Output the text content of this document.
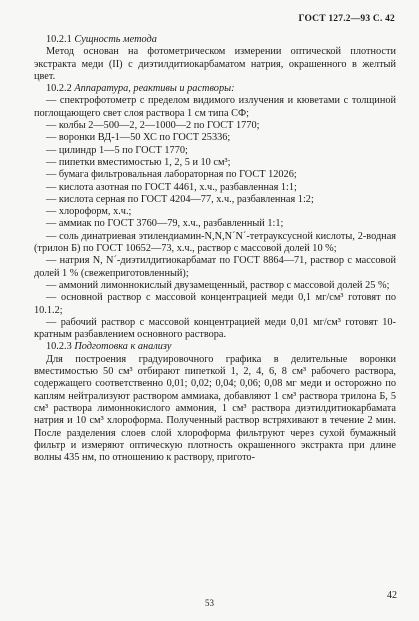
ГОСТ 127.2—93 С. 42

10.2.1 Сущность метода

Метод основан на фотометрическом измерении оптической плотности экстракта меди (II) с диэтилдитиокарбаматом натрия, окрашенного в желтый цвет.

10.2.2 Аппаратура, реактивы и растворы:

— спектрофотометр с пределом видимого излучения и кюветами с толщиной поглощающего свет слоя раствора 1 см типа СФ;

— колбы 2—500—2, 2—1000—2 по ГОСТ 1770;

— воронки ВД-1—50 ХС по ГОСТ 25336;

— цилиндр 1—5 по ГОСТ 1770;

— пипетки вместимостью 1, 2, 5 и 10 см³;

— бумага фильтровальная лабораторная по ГОСТ 12026;

— кислота азотная по ГОСТ 4461, х.ч., разбавленная 1:1;

— кислота серная по ГОСТ 4204—77, х.ч., разбавленная 1:2;

— хлороформ, х.ч.;

— аммиак по ГОСТ 3760—79, х.ч., разбавленный 1:1;

— соль динатриевая этилендиамин-N,N,N´N´-тетрауксусной кислоты, 2-водная (трилон Б) по ГОСТ 10652—73, х.ч., раствор с массовой долей 10 %;

— натрия N, N´-диэтилдитиокарбамат по ГОСТ 8864—71, раствор с массовой долей 1 % (свежеприготовленный);

— аммоний лимоннокислый двузамещенный, раствор с массовой долей 25 %;

— основной раствор с массовой концентрацией меди 0,1 мг/см³ готовят по 10.1.2;

— рабочий раствор с массовой концентрацией меди 0,01 мг/см³ готовят 10-кратным разбавлением основного раствора.

10.2.3 Подготовка к анализу

Для построения градуировочного графика в делительные воронки вместимостью 50 см³ отбирают пипеткой 1, 2, 4, 6, 8 см³ рабочего раствора, содержащего соответственно 0,01; 0,02; 0,04; 0,06; 0,08 мг меди и осторожно по каплям нейтрализуют раствором аммиака, добавляют 1 см³ раствора трилона Б, 5 см³ раствора лимоннокислого аммония, 1 см³ раствора диэтилдитиокарбамата натрия и 10 см³ хлороформа. Полученный раствор встряхивают в течение 2 мин. После разделения слоев слой хлороформа фильтруют через сухой бумажный фильтр и измеряют оптическую плотность окрашенного экстракта при длине волны 435 нм, по отношению к раствору, пригото-

53
42
